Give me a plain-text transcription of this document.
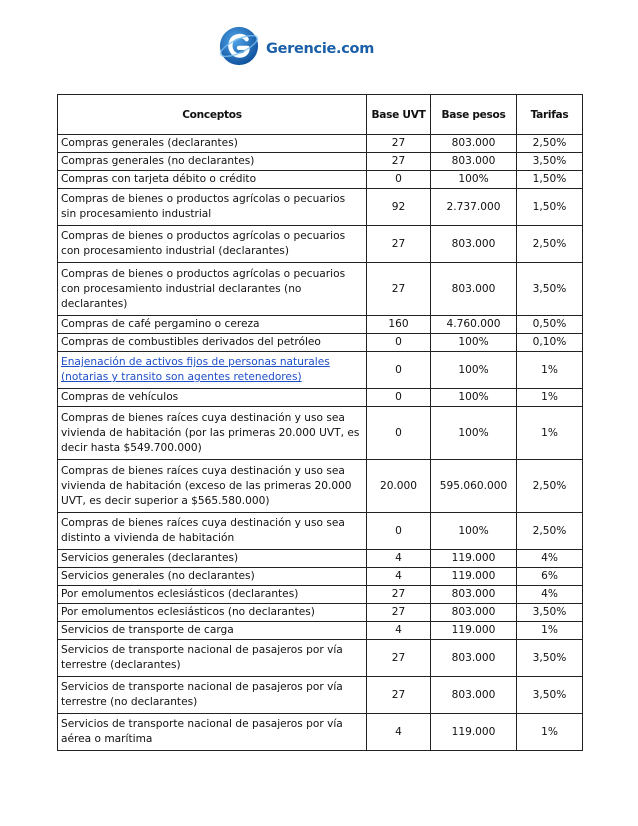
Gerencie.com
Conceptos	Base UVT	Base pesos	Tarifas
Compras generales (declarantes)	27	803.000	2,50%
Compras generales (no declarantes)	27	803.000	3,50%
Compras con tarjeta débito o crédito	0	100%	1,50%
Compras de bienes o productos agrícolas o pecuarios sin procesamiento industrial	92	2.737.000	1,50%
Compras de bienes o productos agrícolas o pecuarios con procesamiento industrial (declarantes)	27	803.000	2,50%
Compras de bienes o productos agrícolas o pecuarios con procesamiento industrial declarantes (no declarantes)	27	803.000	3,50%
Compras de café pergamino o cereza	160	4.760.000	0,50%
Compras de combustibles derivados del petróleo	0	100%	0,10%
Enajenación de activos fijos de personas naturales (notarias y transito son agentes retenedores)	0	100%	1%
Compras de vehículos	0	100%	1%
Compras de bienes raíces cuya destinación y uso sea vivienda de habitación (por las primeras 20.000 UVT, es decir hasta $549.700.000)	0	100%	1%
Compras de bienes raíces cuya destinación y uso sea vivienda de habitación (exceso de las primeras 20.000 UVT, es decir superior a $565.580.000)	20.000	595.060.000	2,50%
Compras de bienes raíces cuya destinación y uso sea distinto a vivienda de habitación	0	100%	2,50%
Servicios generales (declarantes)	4	119.000	4%
Servicios generales (no declarantes)	4	119.000	6%
Por emolumentos eclesiásticos (declarantes)	27	803.000	4%
Por emolumentos eclesiásticos (no declarantes)	27	803.000	3,50%
Servicios de transporte de carga	4	119.000	1%
Servicios de transporte nacional de pasajeros por vía terrestre (declarantes)	27	803.000	3,50%
Servicios de transporte nacional de pasajeros por vía terrestre (no declarantes)	27	803.000	3,50%
Servicios de transporte nacional de pasajeros por vía aérea o marítima	4	119.000	1%
